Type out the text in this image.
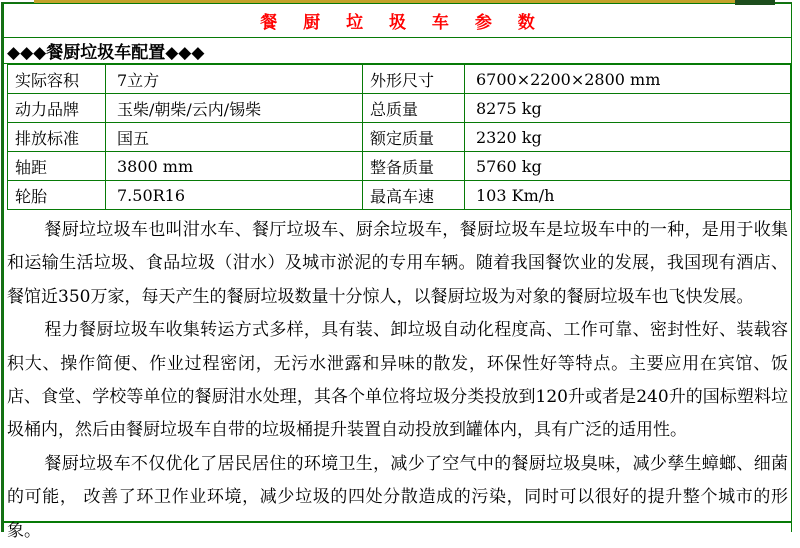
餐 厨 垃 圾 车 参 数
◆◆◆餐厨垃圾车配置◆◆◆
实际容积	7立方	外形尺寸	6700×2200×2800 mm
动力品牌	玉柴/朝柴/云内/锡柴	总质量	8275 kg
排放标准	国五	额定质量	2320 kg
轴距	3800 mm	整备质量	5760 kg
轮胎	7.50R16	最高车速	103 Km/h

餐厨垃垃圾车也叫泔水车、餐厅垃圾车、厨余垃圾车，餐厨垃圾车是垃圾车中的一种，是用于收集和运输生活垃圾、食品垃圾（泔水）及城市淤泥的专用车辆。随着我国餐饮业的发展，我国现有酒店、餐馆近350万家，每天产生的餐厨垃圾数量十分惊人，以餐厨垃圾为对象的餐厨垃圾车也飞快发展。

程力餐厨垃圾车收集转运方式多样，具有装、卸垃圾自动化程度高、工作可靠、密封性好、装载容积大、操作简便、作业过程密闭，无污水泄露和异味的散发，环保性好等特点。主要应用在宾馆、饭店、食堂、学校等单位的餐厨泔水处理，其各个单位将垃圾分类投放到120升或者是240升的国标塑料垃圾桶内，然后由餐厨垃圾车自带的垃圾桶提升装置自动投放到罐体内，具有广泛的适用性。

餐厨垃圾车不仅优化了居民居住的环境卫生，减少了空气中的餐厨垃圾臭味，减少孳生蟑螂、细菌的可能， 改善了环卫作业环境，减少垃圾的四处分散造成的污染，同时可以很好的提升整个城市的形象。
